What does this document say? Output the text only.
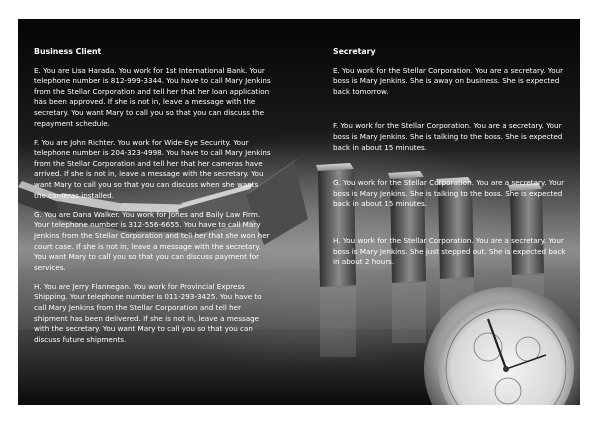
Business Client

E. You are Lisa Harada. You work for 1st International Bank. Your telephone number is 812-999-3344. You have to call Mary Jenkins from the Stellar Corporation and tell her that her loan application has been approved. If she is not in, leave a message with the secretary. You want Mary to call you so that you can discuss the repayment schedule.

F. You are John Richter. You work for Wide-Eye Security. Your telephone number is 204-323-4998. You have to call Mary Jenkins from the Stellar Corporation and tell her that her cameras have arrived. If she is not in, leave a message with the secretary. You want Mary to call you so that you can discuss when she wants the cameras installed.

G. You are Dana Walker. You work for Jones and Baily Law Firm. Your telephone number is 312-556-6655. You have to call Mary Jenkins from the Stellar Corporation and tell her that she won her court case. If she is not in, leave a message with the secretary. You want Mary to call you so that you can discuss payment for services.

H. You are Jerry Flannegan. You work for Provincial Express Shipping. Your telephone number is 011-293-3425. You have to call Mary Jenkins from the Stellar Corporation and tell her shipment has been delivered. If she is not in, leave a message with the secretary. You want Mary to call you so that you can discuss future shipments.

Secretary

E. You work for the Stellar Corporation. You are a secretary. Your boss is Mary Jenkins. She is away on business. She is expected back tomorrow.

F. You work for the Stellar Corporation. You are a secretary. Your boss is Mary Jenkins. She is talking to the boss. She is expected back in about 15 minutes.

G. You work for the Stellar Corporation. You are a secretary. Your boss is Mary Jenkins. She is talking to the boss. She is expected back in about 15 minutes.

H. You work for the Stellar Corporation. You are a secretary. Your boss is Mary Jenkins. She just stepped out. She is expected back in about 2 hours.
